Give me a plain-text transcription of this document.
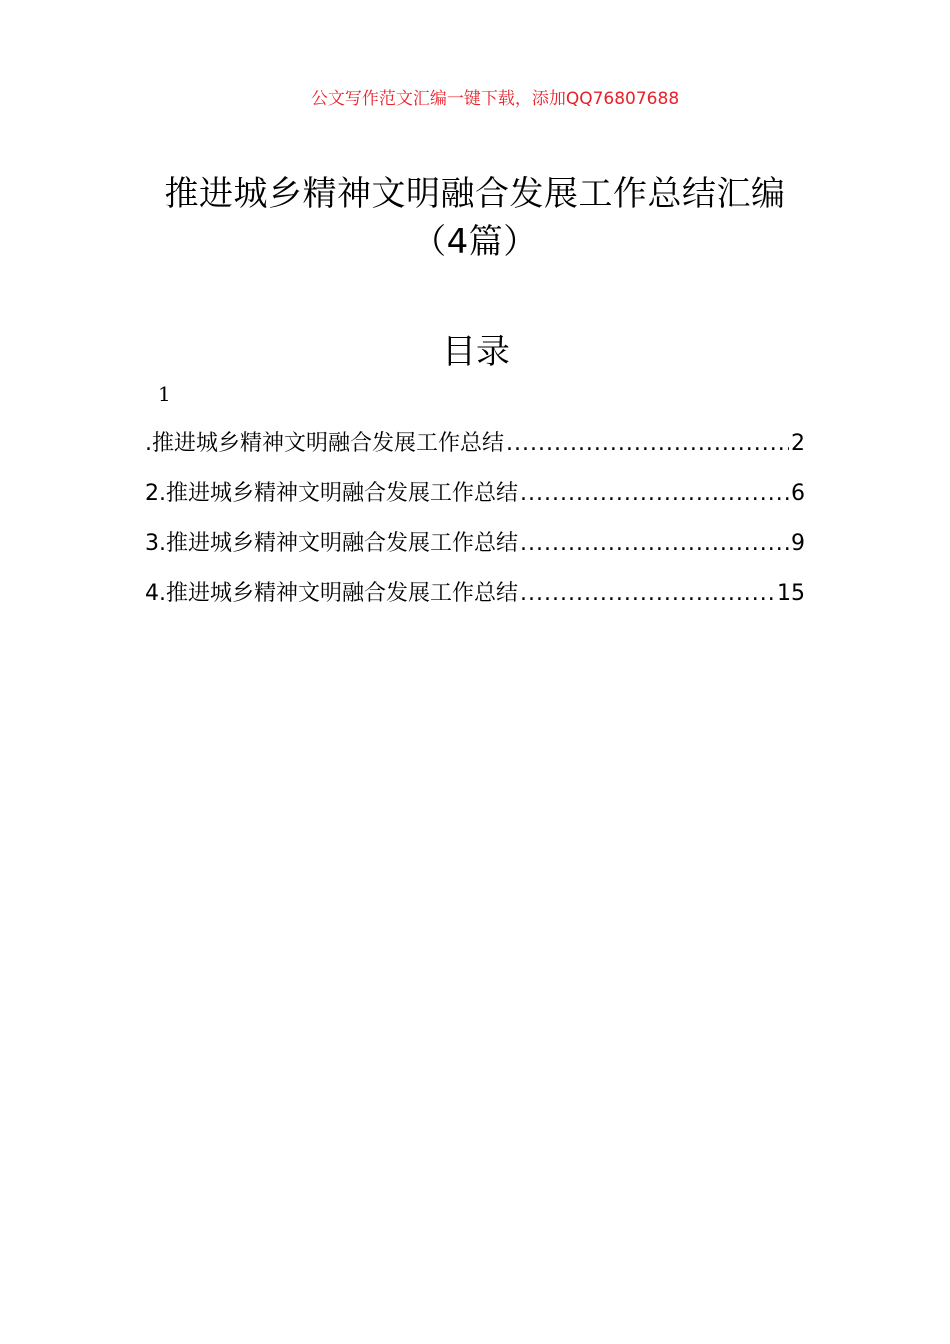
公文写作范文汇编一键下载，添加QQ76807688
推进城乡精神文明融合发展工作总结汇编
（4篇）
目录
1
.推进城乡精神文明融合发展工作总结 .....	2
2.推进城乡精神文明融合发展工作总结 .....	6
3.推进城乡精神文明融合发展工作总结 .....	9
4.推进城乡精神文明融合发展工作总结 .....	15
